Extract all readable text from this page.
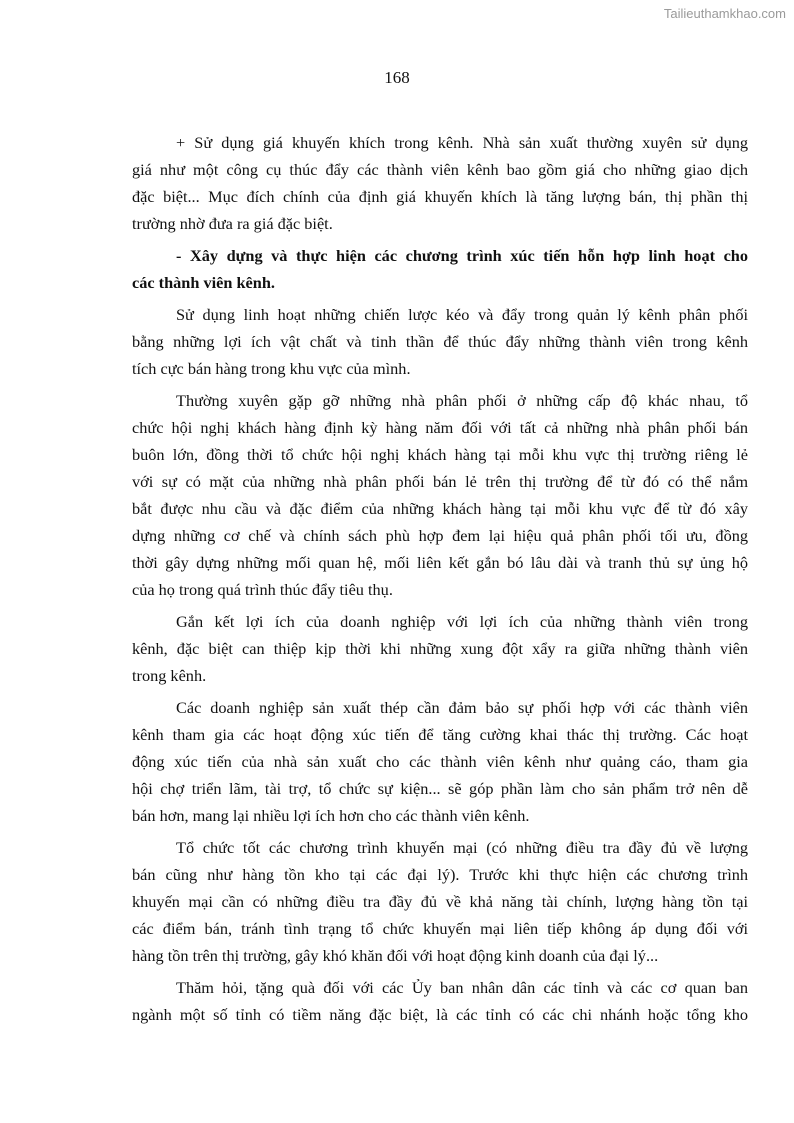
Tailieuthamkhao.com
168
+ Sử dụng giá khuyến khích trong kênh. Nhà sản xuất thường xuyên sử dụng
giá như một công cụ thúc đẩy các thành viên kênh bao gồm giá cho những giao dịch
đặc biệt... Mục đích chính của định giá khuyến khích là tăng lượng bán, thị phần thị
trường nhờ đưa ra giá đặc biệt.
- Xây dựng và thực hiện các chương trình xúc tiến hỗn hợp linh hoạt cho
các thành viên kênh.
Sử dụng linh hoạt những chiến lược kéo và đẩy trong quản lý kênh phân phối
bằng những lợi ích vật chất và tinh thần để thúc đẩy những thành viên trong kênh
tích cực bán hàng trong khu vực của mình.
Thường xuyên gặp gỡ những nhà phân phối ở những cấp độ khác nhau, tổ
chức hội nghị khách hàng định kỳ hàng năm đối với tất cả những nhà phân phối bán
buôn lớn, đồng thời tổ chức hội nghị khách hàng tại mỗi khu vực thị trường riêng lẻ
với sự có mặt của những nhà phân phối bán lẻ trên thị trường để từ đó có thể nắm
bắt được nhu cầu và đặc điểm của những khách hàng tại mỗi khu vực để từ đó xây
dựng những cơ chế và chính sách phù hợp đem lại hiệu quả phân phối tối ưu, đồng
thời gây dựng những mối quan hệ, mối liên kết gắn bó lâu dài và tranh thủ sự ủng hộ
của họ trong quá trình thúc đẩy tiêu thụ.
Gắn kết lợi ích của doanh nghiệp với lợi ích của những thành viên trong
kênh, đặc biệt can thiệp kịp thời khi những xung đột xẩy ra giữa những thành viên
trong kênh.
Các doanh nghiệp sản xuất thép cần đảm bảo sự phối hợp với các thành viên
kênh tham gia các hoạt động xúc tiến để tăng cường khai thác thị trường. Các hoạt
động xúc tiến của nhà sản xuất cho các thành viên kênh như quảng cáo, tham gia
hội chợ triển lãm, tài trợ, tổ chức sự kiện... sẽ góp phần làm cho sản phẩm trở nên dễ
bán hơn, mang lại nhiều lợi ích hơn cho các thành viên kênh.
Tổ chức tốt các chương trình khuyến mại (có những điều tra đầy đủ về lượng
bán cũng như hàng tồn kho tại các đại lý). Trước khi thực hiện các chương trình
khuyến mại cần có những điều tra đầy đủ về khả năng tài chính, lượng hàng tồn tại
các điểm bán, tránh tình trạng tổ chức khuyến mại liên tiếp không áp dụng đối với
hàng tồn trên thị trường, gây khó khăn đối với hoạt động kinh doanh của đại lý...
Thăm hỏi, tặng quà đối với các Ủy ban nhân dân các tỉnh và các cơ quan ban
ngành một số tỉnh có tiềm năng đặc biệt, là các tỉnh có các chi nhánh hoặc tổng kho
